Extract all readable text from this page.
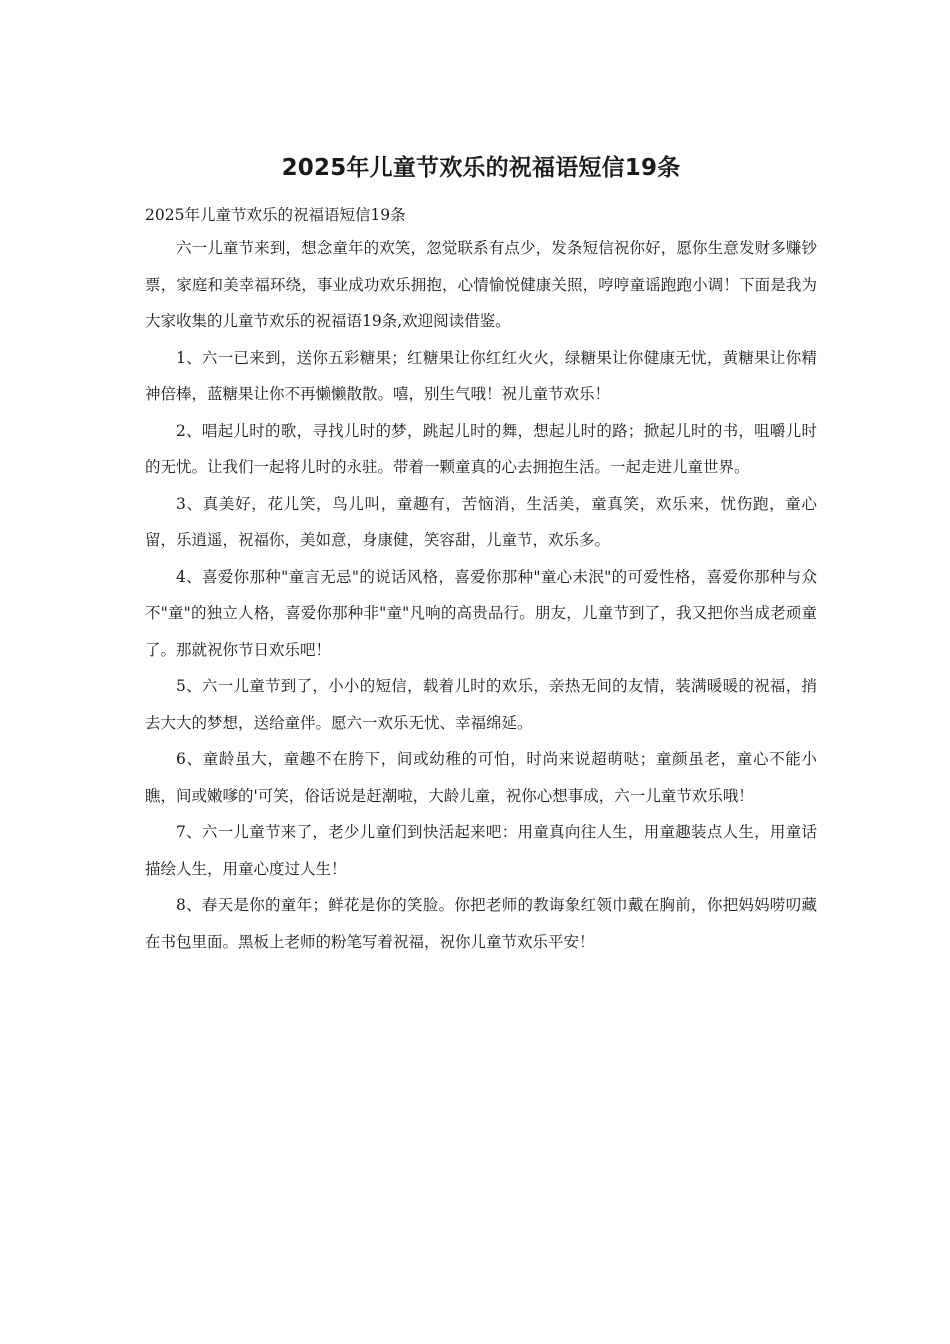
2025年儿童节欢乐的祝福语短信19条
2025年儿童节欢乐的祝福语短信19条

六一儿童节来到，想念童年的欢笑，忽觉联系有点少，发条短信祝你好，愿你生意发财多赚钞票，家庭和美幸福环绕，事业成功欢乐拥抱，心情愉悦健康关照，哼哼童谣跑跑小调！下面是我为大家收集的儿童节欢乐的祝福语19条,欢迎阅读借鉴。

1、六一已来到，送你五彩糖果；红糖果让你红红火火，绿糖果让你健康无忧，黄糖果让你精神倍棒，蓝糖果让你不再懒懒散散。嘻，别生气哦！祝儿童节欢乐！

2、唱起儿时的歌，寻找儿时的梦，跳起儿时的舞，想起儿时的路；掀起儿时的书，咀嚼儿时的无忧。让我们一起将儿时的永驻。带着一颗童真的心去拥抱生活。一起走进儿童世界。

3、真美好，花儿笑，鸟儿叫，童趣有，苦恼消，生活美，童真笑，欢乐来，忧伤跑，童心留，乐逍遥，祝福你，美如意，身康健，笑容甜，儿童节，欢乐多。

4、喜爱你那种"童言无忌"的说话风格，喜爱你那种"童心未泯"的可爱性格，喜爱你那种与众不"童"的独立人格，喜爱你那种非"童"凡响的高贵品行。朋友，儿童节到了，我又把你当成老顽童了。那就祝你节日欢乐吧！

5、六一儿童节到了，小小的短信，载着儿时的欢乐，亲热无间的友情，装满暖暖的祝福，捎去大大的梦想，送给童伴。愿六一欢乐无忧、幸福绵延。

6、童龄虽大，童趣不在胯下，间或幼稚的可怕，时尚来说超萌哒；童颜虽老，童心不能小瞧，间或嫩嗲的'可笑，俗话说是赶潮啦，大龄儿童，祝你心想事成，六一儿童节欢乐哦！

7、六一儿童节来了，老少儿童们到快活起来吧：用童真向往人生，用童趣装点人生，用童话描绘人生，用童心度过人生！

8、春天是你的童年；鲜花是你的笑脸。你把老师的教诲象红领巾戴在胸前，你把妈妈唠叨藏在书包里面。黑板上老师的粉笔写着祝福，祝你儿童节欢乐平安！
